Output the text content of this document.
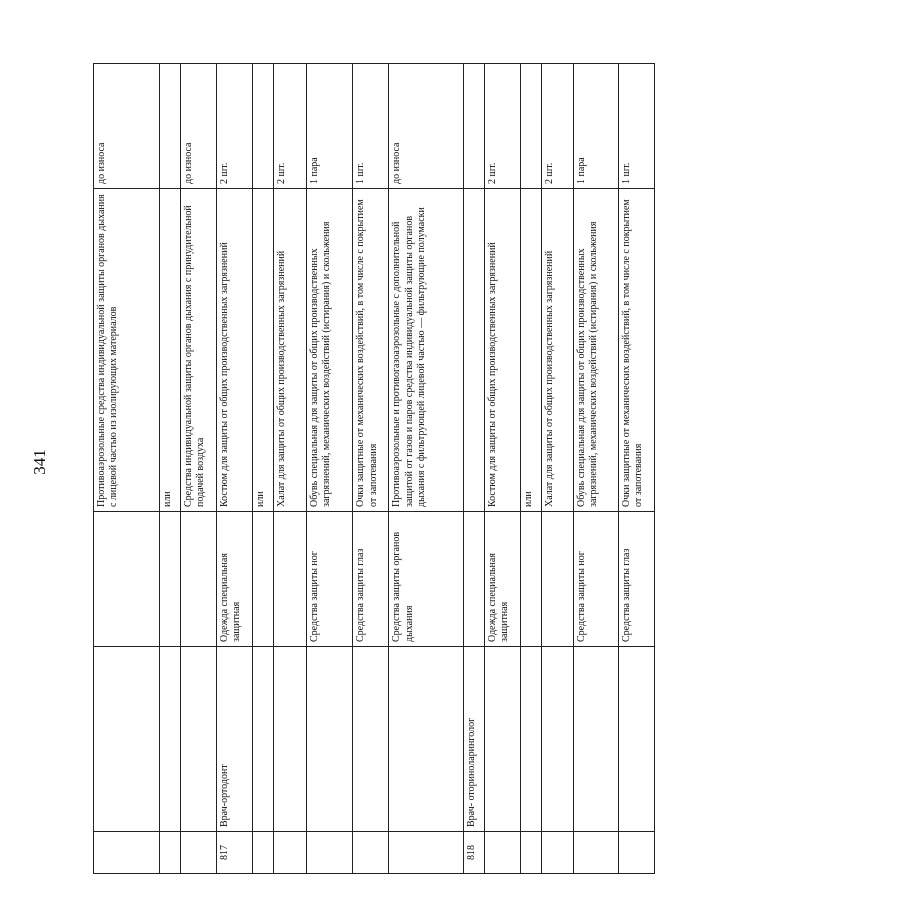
341
				Противоаэрозольные средства индивидуальной защиты органов дыхания с лицевой частью из изолирующих материалов	до износа
			или	
			Средства индивидуальной защиты органов дыхания с принудительной подачей воздуха	до износа
817	Врач-ортодонт	Одежда специальная защитная	Костюм для защиты от общих производственных загрязнений	2 шт.
			или	
			Халат для защиты от общих производственных загрязнений	2 шт.
		Средства защиты ног	Обувь специальная для защиты от общих производственных загрязнений, механических воздействий (истирания) и скольжения	1 пара
		Средства защиты глаз	Очки защитные от механических воздействий, в том числе с покрытием от запотевания	1 шт.
		Средства защиты органов дыхания	Противоаэрозольные и противогазоаэрозольные с дополнительной защитой от газов и паров средства индивидуальной защиты органов дыхания с фильтрующей лицевой частью — фильтрующие полумаски	до износа
818	Врач- оториноларинголог			
		Одежда специальная защитная	Костюм для защиты от общих производственных загрязнений	2 шт.
			или	
			Халат для защиты от общих производственных загрязнений	2 шт.
		Средства защиты ног	Обувь специальная для защиты от общих производственных загрязнений, механических воздействий (истирания) и скольжения	1 пара
		Средства защиты глаз	Очки защитные от механических воздействий, в том числе с покрытием от запотевания	1 шт.
